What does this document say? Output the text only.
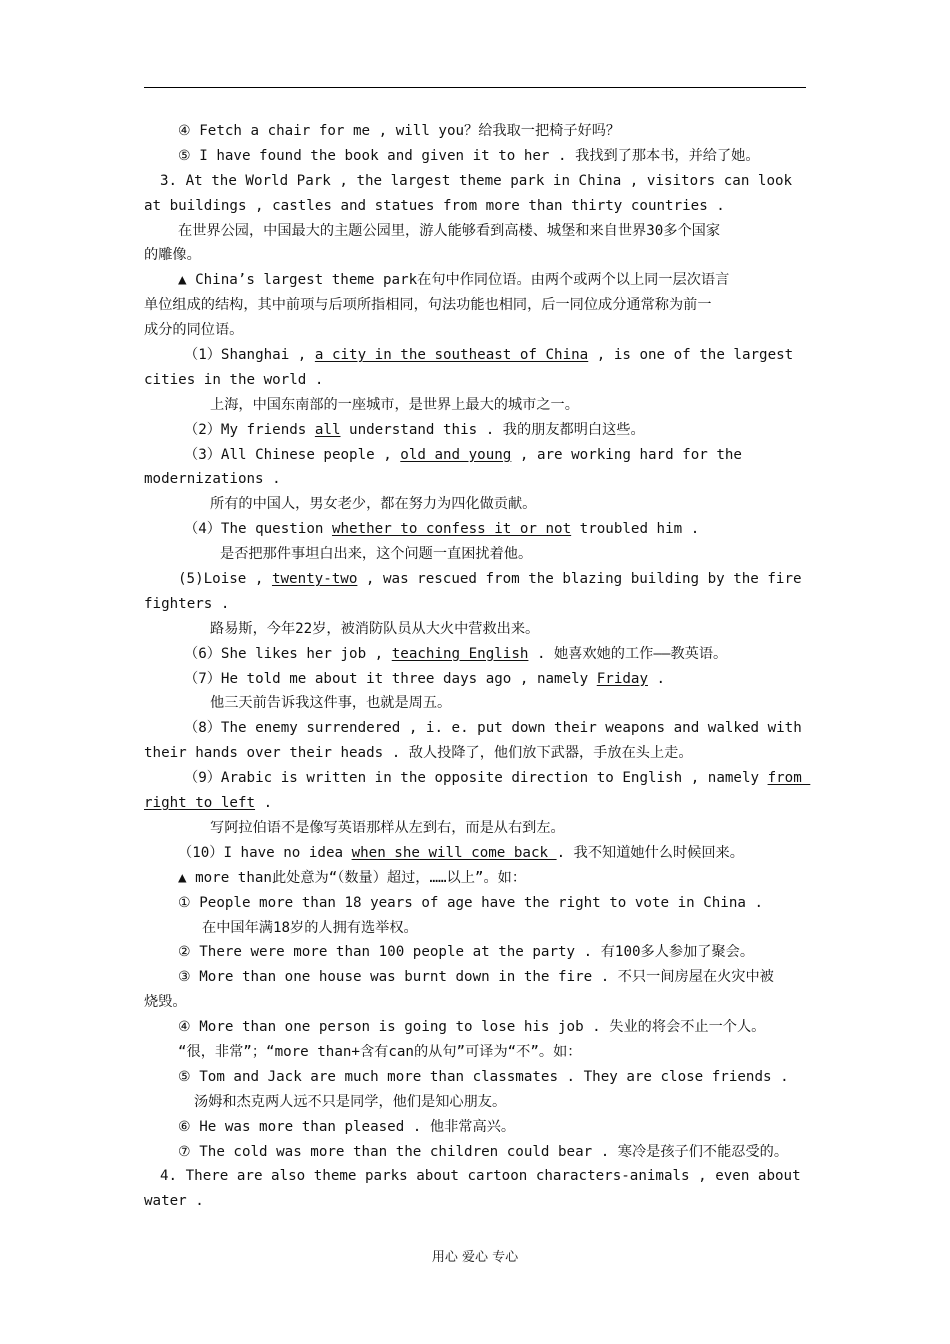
④ Fetch a chair for me , will you？给我取一把椅子好吗？
⑤ I have found the book and given it to her . 我找到了那本书，并给了她。
3. At the World Park , the largest theme park in China , visitors can look
at buildings , castles and statues from more than thirty countries .
在世界公园，中国最大的主题公园里，游人能够看到高楼、城堡和来自世界30多个国家
的雕像。
▲ China’s largest theme park在句中作同位语。由两个或两个以上同一层次语言
单位组成的结构，其中前项与后项所指相同，句法功能也相同，后一同位成分通常称为前一
成分的同位语。
（1）Shanghai , a city in the southeast of China , is one of the largest
cities in the world .
上海，中国东南部的一座城市，是世界上最大的城市之一。
（2）My friends all understand this . 我的朋友都明白这些。
（3）All Chinese people , old and young , are working hard for the
modernizations .
所有的中国人，男女老少，都在努力为四化做贡献。
（4）The question whether to confess it or not troubled him .
是否把那件事坦白出来，这个问题一直困扰着他。
(5)Loise , twenty-two , was rescued from the blazing building by the fire
fighters .
路易斯，今年22岁，被消防队员从大火中营救出来。
（6）She likes her job , teaching English . 她喜欢她的工作——教英语。
（7）He told me about it three days ago , namely Friday .
他三天前告诉我这件事，也就是周五。
（8）The enemy surrendered , i. e. put down their weapons and walked with
their hands over their heads . 敌人投降了，他们放下武器，手放在头上走。
（9）Arabic is written in the opposite direction to English , namely from
right to left .
写阿拉伯语不是像写英语那样从左到右，而是从右到左。
（10）I have no idea when she will come back . 我不知道她什么时候回来。
▲ more than此处意为“（数量）超过，……以上”。如：
① People more than 18 years of age have the right to vote in China .
在中国年满18岁的人拥有选举权。
② There were more than 100 people at the party . 有100多人参加了聚会。
③ More than one house was burnt down in the fire . 不只一间房屋在火灾中被
烧毁。
④ More than one person is going to lose his job . 失业的将会不止一个人。
“很，非常”；“more than+含有can的从句”可译为“不”。如：
⑤ Tom and Jack are much more than classmates . They are close friends .
汤姆和杰克两人远不只是同学，他们是知心朋友。
⑥ He was more than pleased . 他非常高兴。
⑦ The cold was more than the children could bear . 寒冷是孩子们不能忍受的。
4. There are also theme parks about cartoon characters-animals , even about
water .
用心 爱心 专心
